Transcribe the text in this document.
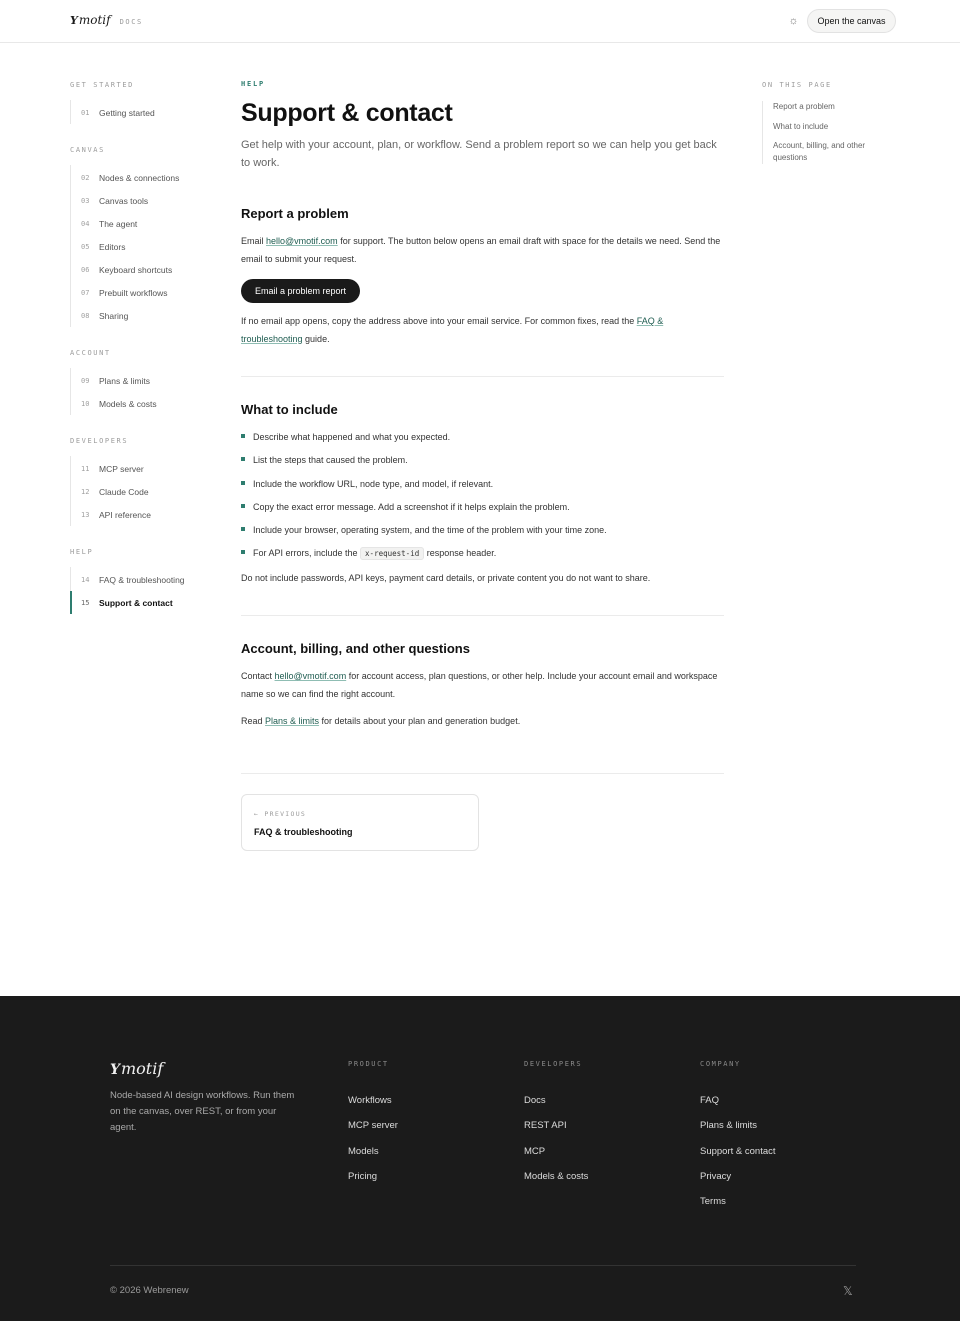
Y motif DOCS	☼	Open the canvas
GET STARTED
01	Getting started
CANVAS
02	Nodes & connections
03	Canvas tools
04	The agent
05	Editors
06	Keyboard shortcuts
07	Prebuilt workflows
08	Sharing
ACCOUNT
09	Plans & limits
10	Models & costs
DEVELOPERS
11	MCP server
12	Claude Code
13	API reference
HELP
14	FAQ & troubleshooting
15	Support & contact
HELP
Support & contact

Get help with your account, plan, or workflow. Send a problem report so we can help you get back to work.

Report a problem

Email hello@vmotif.com for support. The button below opens an email draft with space for the details we need. Send the email to submit your request.

Email a problem report

If no email app opens, copy the address above into your email service. For common fixes, read the FAQ & troubleshooting guide.

What to include
Describe what happened and what you expected.
List the steps that caused the problem.
Include the workflow URL, node type, and model, if relevant.
Copy the exact error message. Add a screenshot if it helps explain the problem.
Include your browser, operating system, and the time of the problem with your time zone.
For API errors, include the x-request-id response header.

Do not include passwords, API keys, payment card details, or private content you do not want to share.

Account, billing, and other questions

Contact hello@vmotif.com for account access, plan questions, or other help. Include your account email and workspace name so we can find the right account.

Read Plans & limits for details about your plan and generation budget.

← PREVIOUS
FAQ & troubleshooting
ON THIS PAGE
Report a problem
What to include
Account, billing, and other questions
Y motif
Node-based AI design workflows. Run them on the canvas, over REST, or from your agent.
PRODUCT
Workflows
MCP server
Models
Pricing
DEVELOPERS
Docs
REST API
MCP
Models & costs
COMPANY
FAQ
Plans & limits
Support & contact
Privacy
Terms
© 2026 Webrenew	𝕏
